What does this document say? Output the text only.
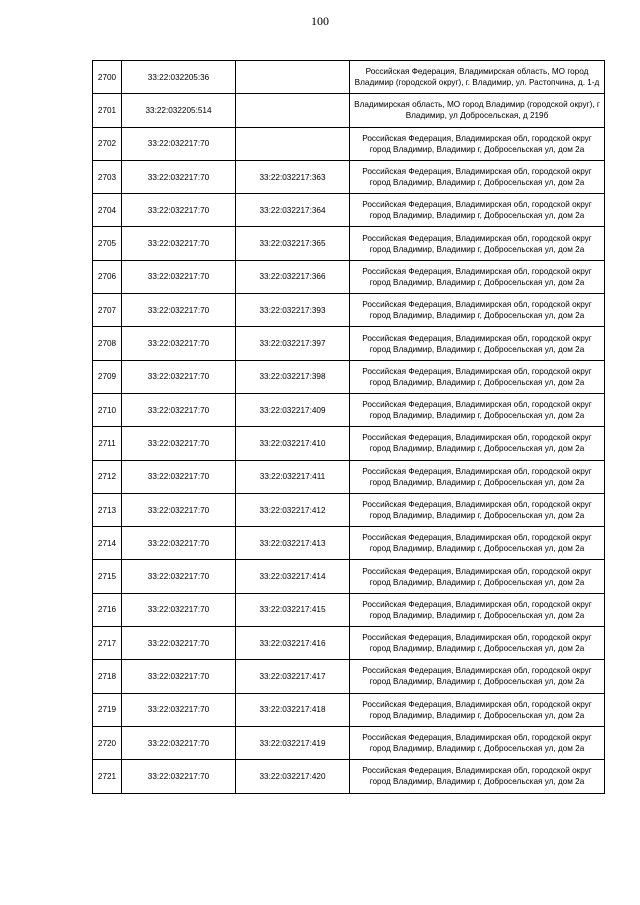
100
2700	33:22:032205:36		Российская Федерация, Владимирская область, МО город Владимир (городской округ), г. Владимир, ул. Растопчина, д. 1-д
2701	33:22:032205:514		Владимирская область, МО город Владимир (городской округ), г Владимир, ул Добросельская, д 219б
2702	33:22:032217:70		Российская Федерация, Владимирская обл, городской округ город Владимир, Владимир г, Добросельская ул, дом 2а
2703	33:22:032217:70	33:22:032217:363	Российская Федерация, Владимирская обл, городской округ город Владимир, Владимир г, Добросельская ул, дом 2а
2704	33:22:032217:70	33:22:032217:364	Российская Федерация, Владимирская обл, городской округ город Владимир, Владимир г, Добросельская ул, дом 2а
2705	33:22:032217:70	33:22:032217:365	Российская Федерация, Владимирская обл, городской округ город Владимир, Владимир г, Добросельская ул, дом 2а
2706	33:22:032217:70	33:22:032217:366	Российская Федерация, Владимирская обл, городской округ город Владимир, Владимир г, Добросельская ул, дом 2а
2707	33:22:032217:70	33:22:032217:393	Российская Федерация, Владимирская обл, городской округ город Владимир, Владимир г, Добросельская ул, дом 2а
2708	33:22:032217:70	33:22:032217:397	Российская Федерация, Владимирская обл, городской округ город Владимир, Владимир г, Добросельская ул, дом 2а
2709	33:22:032217:70	33:22:032217:398	Российская Федерация, Владимирская обл, городской округ город Владимир, Владимир г, Добросельская ул, дом 2а
2710	33:22:032217:70	33:22:032217:409	Российская Федерация, Владимирская обл, городской округ город Владимир, Владимир г, Добросельская ул, дом 2а
2711	33:22:032217:70	33:22:032217:410	Российская Федерация, Владимирская обл, городской округ город Владимир, Владимир г, Добросельская ул, дом 2а
2712	33:22:032217:70	33:22:032217:411	Российская Федерация, Владимирская обл, городской округ город Владимир, Владимир г, Добросельская ул, дом 2а
2713	33:22:032217:70	33:22:032217:412	Российская Федерация, Владимирская обл, городской округ город Владимир, Владимир г, Добросельская ул, дом 2а
2714	33:22:032217:70	33:22:032217:413	Российская Федерация, Владимирская обл, городской округ город Владимир, Владимир г, Добросельская ул, дом 2а
2715	33:22:032217:70	33:22:032217:414	Российская Федерация, Владимирская обл, городской округ город Владимир, Владимир г, Добросельская ул, дом 2а
2716	33:22:032217:70	33:22:032217:415	Российская Федерация, Владимирская обл, городской округ город Владимир, Владимир г, Добросельская ул, дом 2а
2717	33:22:032217:70	33:22:032217:416	Российская Федерация, Владимирская обл, городской округ город Владимир, Владимир г, Добросельская ул, дом 2а
2718	33:22:032217:70	33:22:032217:417	Российская Федерация, Владимирская обл, городской округ город Владимир, Владимир г, Добросельская ул, дом 2а
2719	33:22:032217:70	33:22:032217:418	Российская Федерация, Владимирская обл, городской округ город Владимир, Владимир г, Добросельская ул, дом 2а
2720	33:22:032217:70	33:22:032217:419	Российская Федерация, Владимирская обл, городской округ город Владимир, Владимир г, Добросельская ул, дом 2а
2721	33:22:032217:70	33:22:032217:420	Российская Федерация, Владимирская обл, городской округ город Владимир, Владимир г, Добросельская ул, дом 2а
